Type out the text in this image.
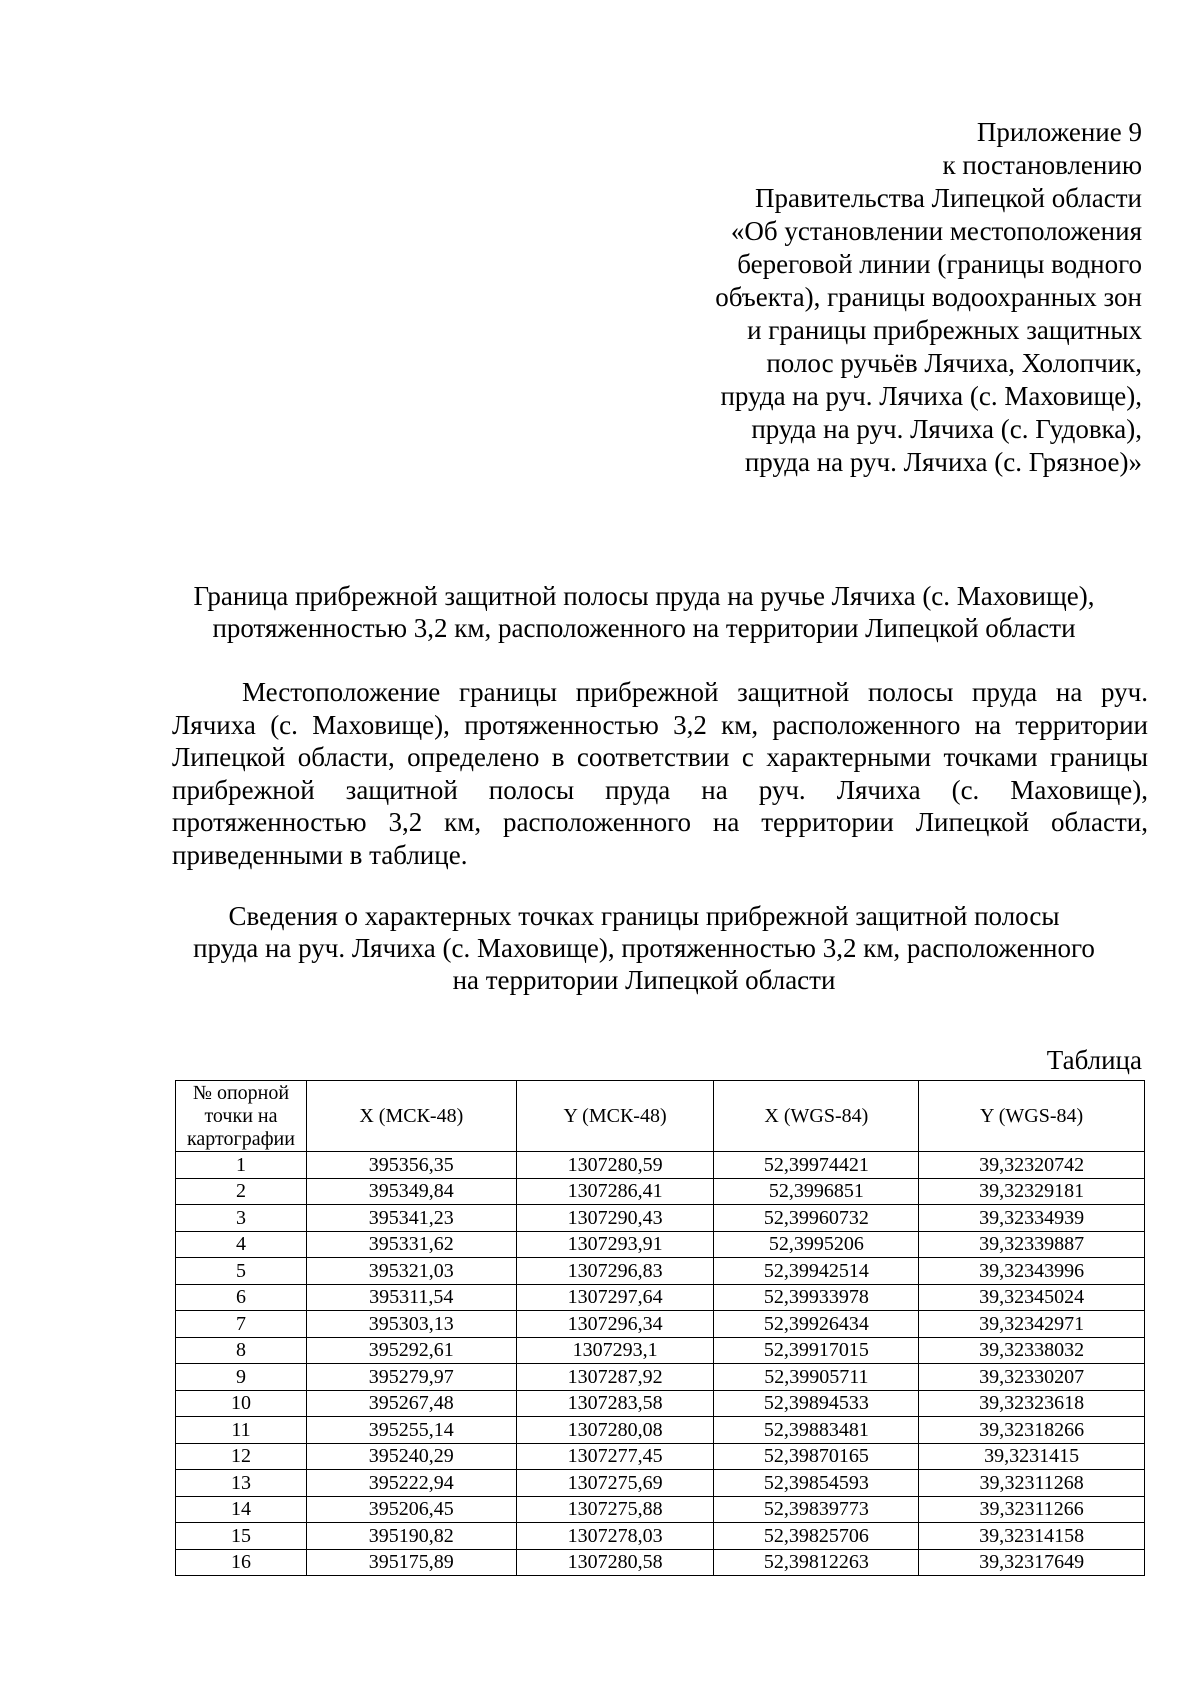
Приложение 9
к постановлению
Правительства Липецкой области
«Об установлении местоположения
береговой линии (границы водного
объекта), границы водоохранных зон
и границы прибрежных защитных
полос ручьёв Лячиха, Холопчик,
пруда на руч. Лячиха (с. Маховище),
пруда на руч. Лячиха (с. Гудовка),
пруда на руч. Лячиха (с. Грязное)»
Граница прибрежной защитной полосы пруда на ручье Лячиха (с. Маховище),
протяженностью 3,2 км, расположенного на территории Липецкой области
Местоположение границы прибрежной защитной полосы пруда на руч. Лячиха (с. Маховище), протяженностью 3,2 км, расположенного на территории Липецкой области, определено в соответствии с характерными точками границы прибрежной защитной полосы пруда на руч. Лячиха (с. Маховище), протяженностью 3,2 км, расположенного на территории Липецкой области, приведенными в таблице.
Сведения о характерных точках границы прибрежной защитной полосы
пруда на руч. Лячиха (с. Маховище), протяженностью 3,2 км, расположенного
на территории Липецкой области
Таблица
№ опорной точки на картографии	X (МСК-48)	Y (МСК-48)	X (WGS-84)	Y (WGS-84)
1	395356,35	1307280,59	52,39974421	39,32320742
2	395349,84	1307286,41	52,3996851	39,32329181
3	395341,23	1307290,43	52,39960732	39,32334939
4	395331,62	1307293,91	52,3995206	39,32339887
5	395321,03	1307296,83	52,39942514	39,32343996
6	395311,54	1307297,64	52,39933978	39,32345024
7	395303,13	1307296,34	52,39926434	39,32342971
8	395292,61	1307293,1	52,39917015	39,32338032
9	395279,97	1307287,92	52,39905711	39,32330207
10	395267,48	1307283,58	52,39894533	39,32323618
11	395255,14	1307280,08	52,39883481	39,32318266
12	395240,29	1307277,45	52,39870165	39,3231415
13	395222,94	1307275,69	52,39854593	39,32311268
14	395206,45	1307275,88	52,39839773	39,32311266
15	395190,82	1307278,03	52,39825706	39,32314158
16	395175,89	1307280,58	52,39812263	39,32317649
